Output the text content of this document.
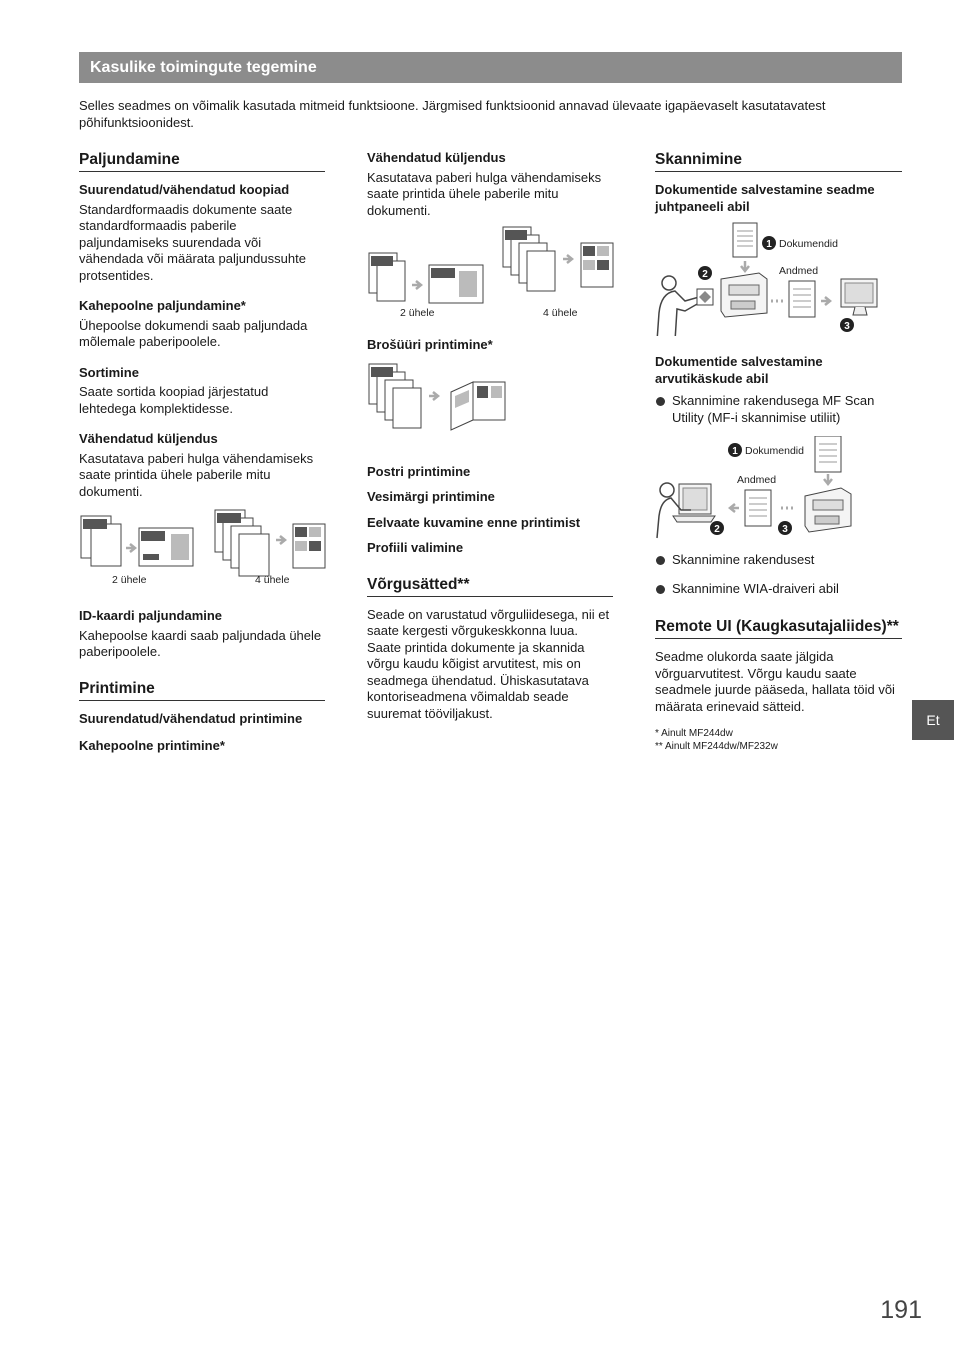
Kasulike toimingute tegemine
Selles seadmes on võimalik kasutada mitmeid funktsioone. Järgmised funktsioonid annavad ülevaate igapäevaselt kasutatavatest põhifunktsioonidest.
Paljundamine
Suurendatud/vähendatud koopiad
Standardformaadis dokumente saate standardformaadis paberile paljundamiseks suurendada või vähendada või määrata paljundussuhte protsentides.
Kahepoolne paljundamine*
Ühepoolse dokumendi saab paljundada mõlemale paberipoolele.
Sortimine
Saate sortida koopiad järjestatud lehtedega komplektidesse.
Vähendatud küljendus
Kasutatava paberi hulga vähendamiseks saate printida ühele paberile mitu dokumenti.
2 ühele	4 ühele
ID-kaardi paljundamine
Kahepoolse kaardi saab paljundada ühele paberipoolele.
Printimine
Suurendatud/vähendatud printimine
Kahepoolne printimine*
Vähendatud küljendus
Kasutatava paberi hulga vähendamiseks saate printida ühele paberile mitu dokumenti.
2 ühele	4 ühele
Brošüüri printimine*
Postri printimine
Vesimärgi printimine
Eelvaate kuvamine enne printimist
Profiili valimine
Võrgusätted**
Seade on varustatud võrguliidesega, nii et saate kergesti võrgukeskkonna luua. Saate printida dokumente ja skannida võrgu kaudu kõigist arvutitest, mis on seadmega ühendatud. Ühiskasutatava kontoriseadmena võimaldab seade suuremat tööviljakust.
Skannimine
Dokumentide salvestamine seadme juhtpaneeli abil
1 Dokumendid
Andmed
2
3
Dokumentide salvestamine arvutikäskude abil
Skannimine rakendusega MF Scan Utility (MF-i skannimise utiliit)
1 Dokumendid
Andmed
2	3
Skannimine rakendusest
Skannimine WIA-draiveri abil
Remote UI (Kaugkasutajaliides)**
Seadme olukorda saate jälgida võrguarvutitest. Võrgu kaudu saate seadmele juurde pääseda, hallata töid või määrata erinevaid sätteid.
* Ainult MF244dw
** Ainult MF244dw/MF232w
Et
191
